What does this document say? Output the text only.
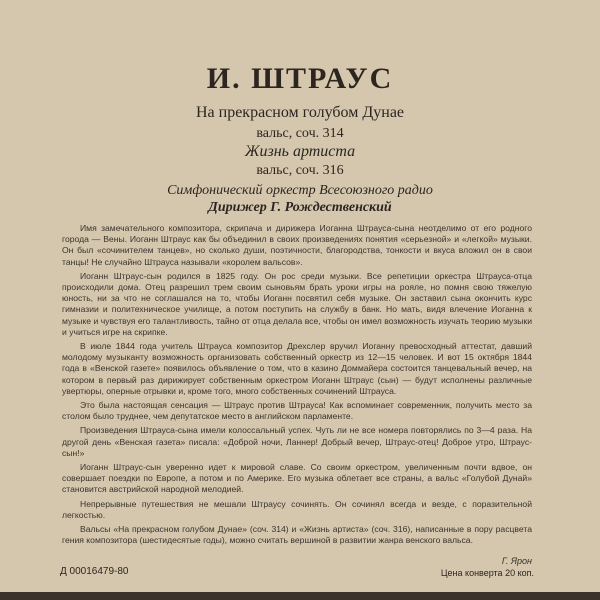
И. ШТРАУС
На прекрасном голубом Дунае
вальс, соч. 314
Жизнь артиста
вальс, соч. 316
Симфонический оркестр Всесоюзного радио
Дирижер Г. Рождественский

Имя замечательного композитора, скрипача и дирижера Иоганна Штрауса-сына неотделимо от его родного города — Вены. Иоганн Штраус как бы объединил в своих произведениях понятия «серьезной» и «легкой» музыки. Он был «сочинителем танцев», но сколько души, поэтичности, благородства, тонкости и вкуса вложил он в свои танцы! Не случайно Штрауса называли «королем вальсов».

Иоганн Штраус-сын родился в 1825 году. Он рос среди музыки. Все репетиции оркестра Штрауса-отца происходили дома. Отец разрешил трем своим сыновьям брать уроки игры на рояле, но помня свою тяжелую юность, ни за что не соглашался на то, чтобы Иоганн посвятил себя музыке. Он заставил сына окончить курс гимназии и политехническое училище, а потом поступить на службу в банк. Но мать, видя влечение Иоганна к музыке и чувствуя его талантливость, тайно от отца делала все, чтобы он имел возможность изучать теорию музыки и учиться игре на скрипке.

В июле 1844 года учитель Штрауса композитор Дрехслер вручил Иоганну превосходный аттестат, давший молодому музыканту возможность организовать собственный оркестр из 12—15 человек. И вот 15 октября 1844 года в «Венской газете» появилось объявление о том, что в казино Доммайера состоится танцевальный вечер, на котором в первый раз дирижирует собственным оркестром Иоганн Штраус (сын) — будут исполнены различные увертюры, оперные отрывки и, кроме того, много собственных сочинений Штрауса.

Это была настоящая сенсация — Штраус против Штрауса! Как вспоминает современник, получить место за столом было труднее, чем депутатское место в английском парламенте.

Произведения Штрауса-сына имели колоссальный успех. Чуть ли не все номера повторялись по 3—4 раза. На другой день «Венская газета» писала: «Доброй ночи, Ланнер! Добрый вечер, Штраус-отец! Доброе утро, Штраус-сын!»

Иоганн Штраус-сын уверенно идет к мировой славе. Со своим оркестром, увеличенным почти вдвое, он совершает поездки по Европе, а потом и по Америке. Его музыка облетает все страны, а вальс «Голубой Дунай» становится австрийской народной мелодией.

Непрерывные путешествия не мешали Штраусу сочинять. Он сочинял всегда и везде, с поразительной легкостью.

Вальсы «На прекрасном голубом Дунае» (соч. 314) и «Жизнь артиста» (соч. 316), написанные в пору расцвета гения композитора (шестидесятые годы), можно считать вершиной в развитии жанра венского вальса.

Г. Ярон
Д 00016479-80	Цена конверта 20 коп.
